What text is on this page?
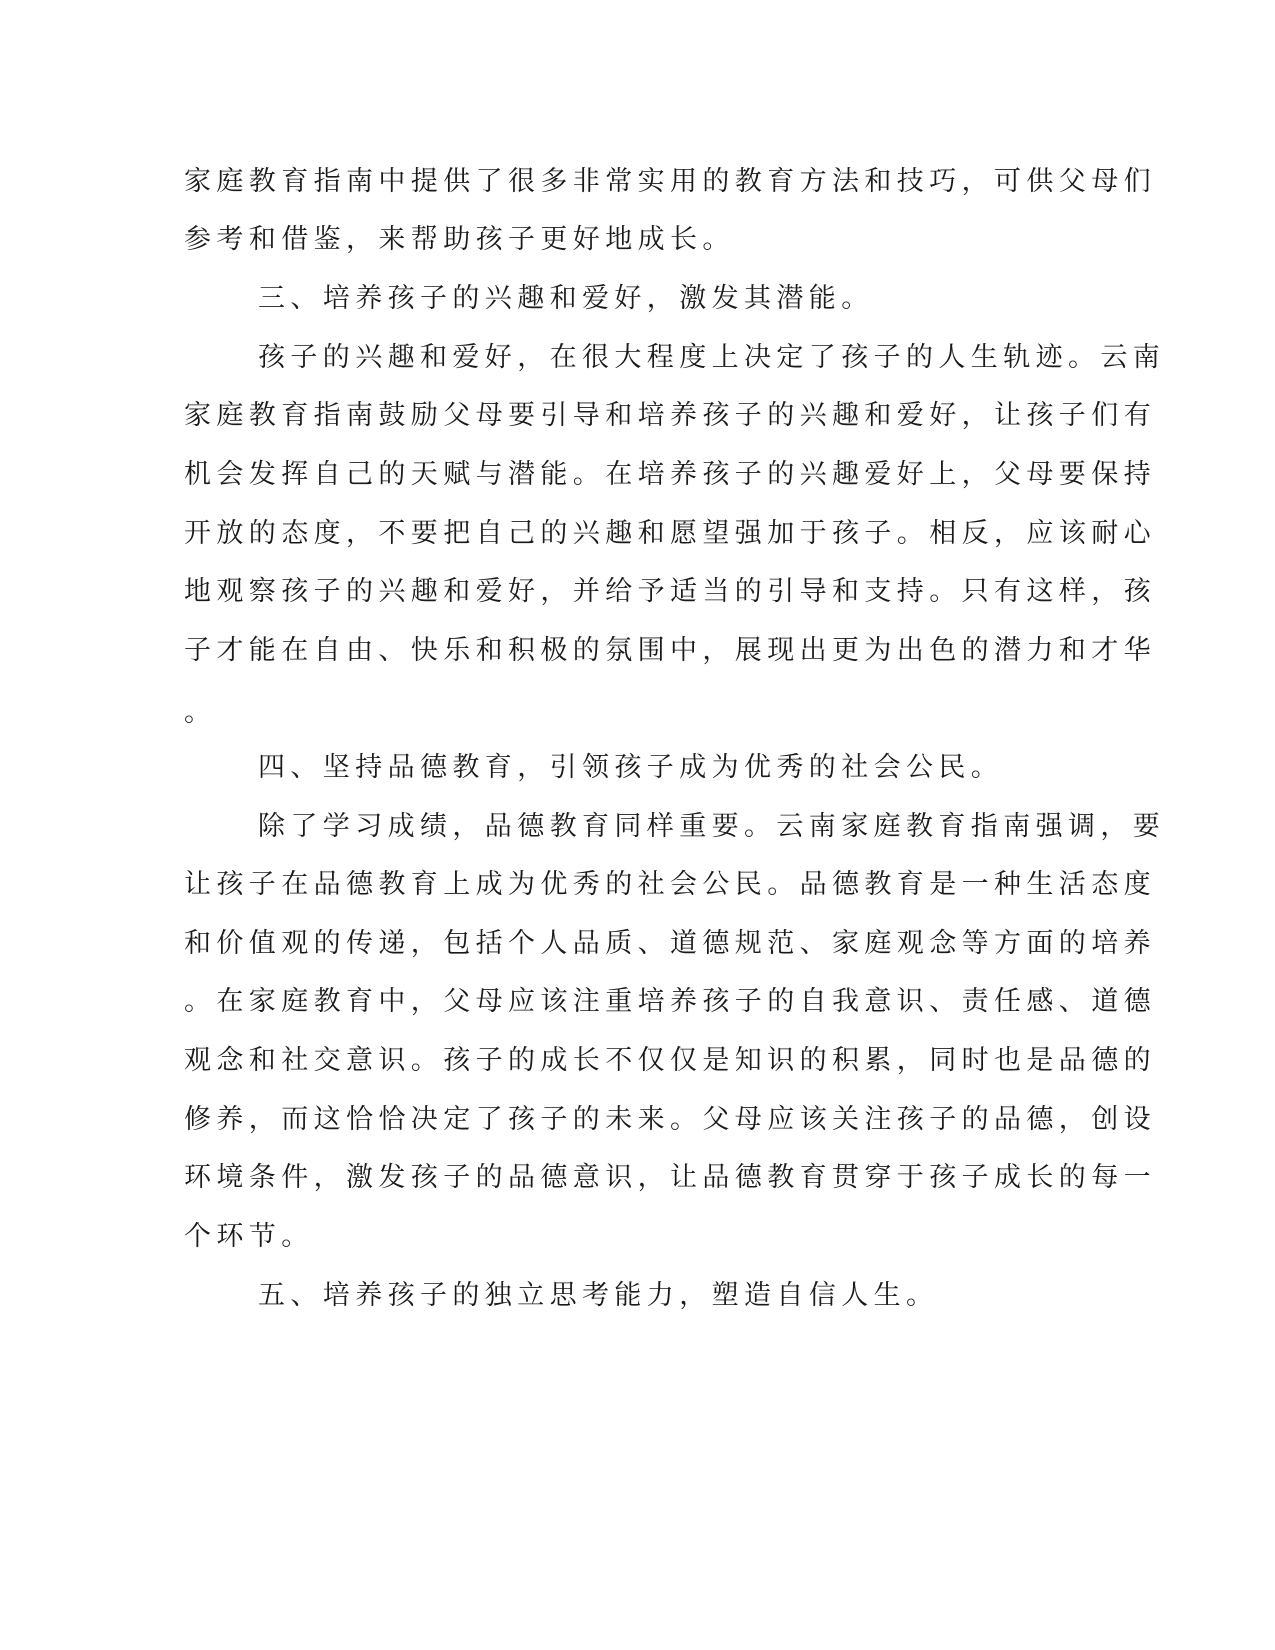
家庭教育指南中提供了很多非常实用的教育方法和技巧，可供父母们
参考和借鉴，来帮助孩子更好地成长。
三、培养孩子的兴趣和爱好，激发其潜能。
孩子的兴趣和爱好，在很大程度上决定了孩子的人生轨迹。云南
家庭教育指南鼓励父母要引导和培养孩子的兴趣和爱好，让孩子们有
机会发挥自己的天赋与潜能。在培养孩子的兴趣爱好上，父母要保持
开放的态度，不要把自己的兴趣和愿望强加于孩子。相反，应该耐心
地观察孩子的兴趣和爱好，并给予适当的引导和支持。只有这样，孩
子才能在自由、快乐和积极的氛围中，展现出更为出色的潜力和才华
。
四、坚持品德教育，引领孩子成为优秀的社会公民。
除了学习成绩，品德教育同样重要。云南家庭教育指南强调，要
让孩子在品德教育上成为优秀的社会公民。品德教育是一种生活态度
和价值观的传递，包括个人品质、道德规范、家庭观念等方面的培养
。在家庭教育中，父母应该注重培养孩子的自我意识、责任感、道德
观念和社交意识。孩子的成长不仅仅是知识的积累，同时也是品德的
修养，而这恰恰决定了孩子的未来。父母应该关注孩子的品德，创设
环境条件，激发孩子的品德意识，让品德教育贯穿于孩子成长的每一
个环节。
五、培养孩子的独立思考能力，塑造自信人生。
